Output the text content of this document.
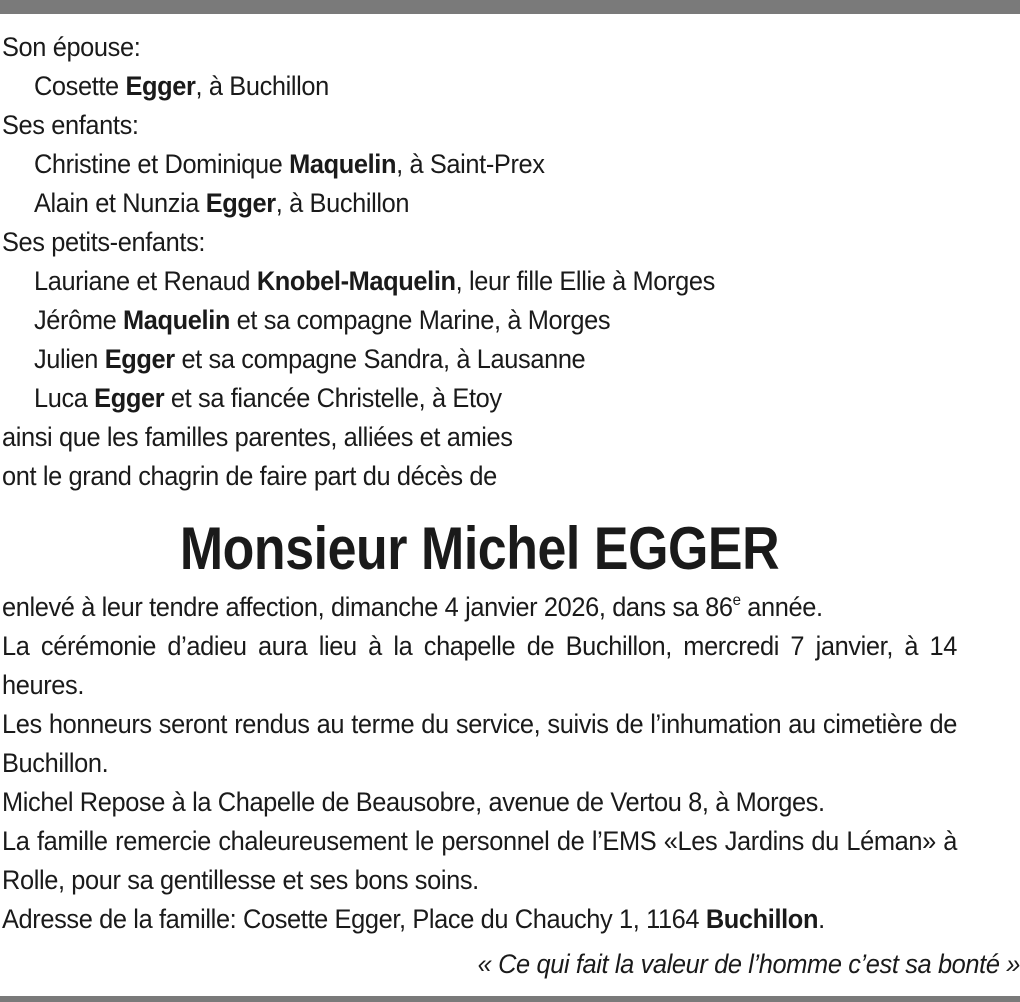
Son épouse:
Cosette Egger, à Buchillon
Ses enfants:
Christine et Dominique Maquelin, à Saint-Prex
Alain et Nunzia Egger, à Buchillon
Ses petits-enfants:
Lauriane et Renaud Knobel-Maquelin, leur fille Ellie à Morges
Jérôme Maquelin et sa compagne Marine, à Morges
Julien Egger et sa compagne Sandra, à Lausanne
Luca Egger et sa fiancée Christelle, à Etoy
ainsi que les familles parentes, alliées et amies
ont le grand chagrin de faire part du décès de
Monsieur Michel EGGER
enlevé à leur tendre affection, dimanche 4 janvier 2026, dans sa 86e année.
La cérémonie d’adieu aura lieu à la chapelle de Buchillon, mercredi 7 janvier, à 14 heures.
Les honneurs seront rendus au terme du service, suivis de l’inhumation au cimetière de Buchillon.
Michel Repose à la Chapelle de Beausobre, avenue de Vertou 8, à Morges.
La famille remercie chaleureusement le personnel de l’EMS «Les Jardins du Léman» à Rolle, pour sa gentillesse et ses bons soins.
Adresse de la famille: Cosette Egger, Place du Chauchy 1, 1164 Buchillon.
« Ce qui fait la valeur de l’homme c’est sa bonté »
